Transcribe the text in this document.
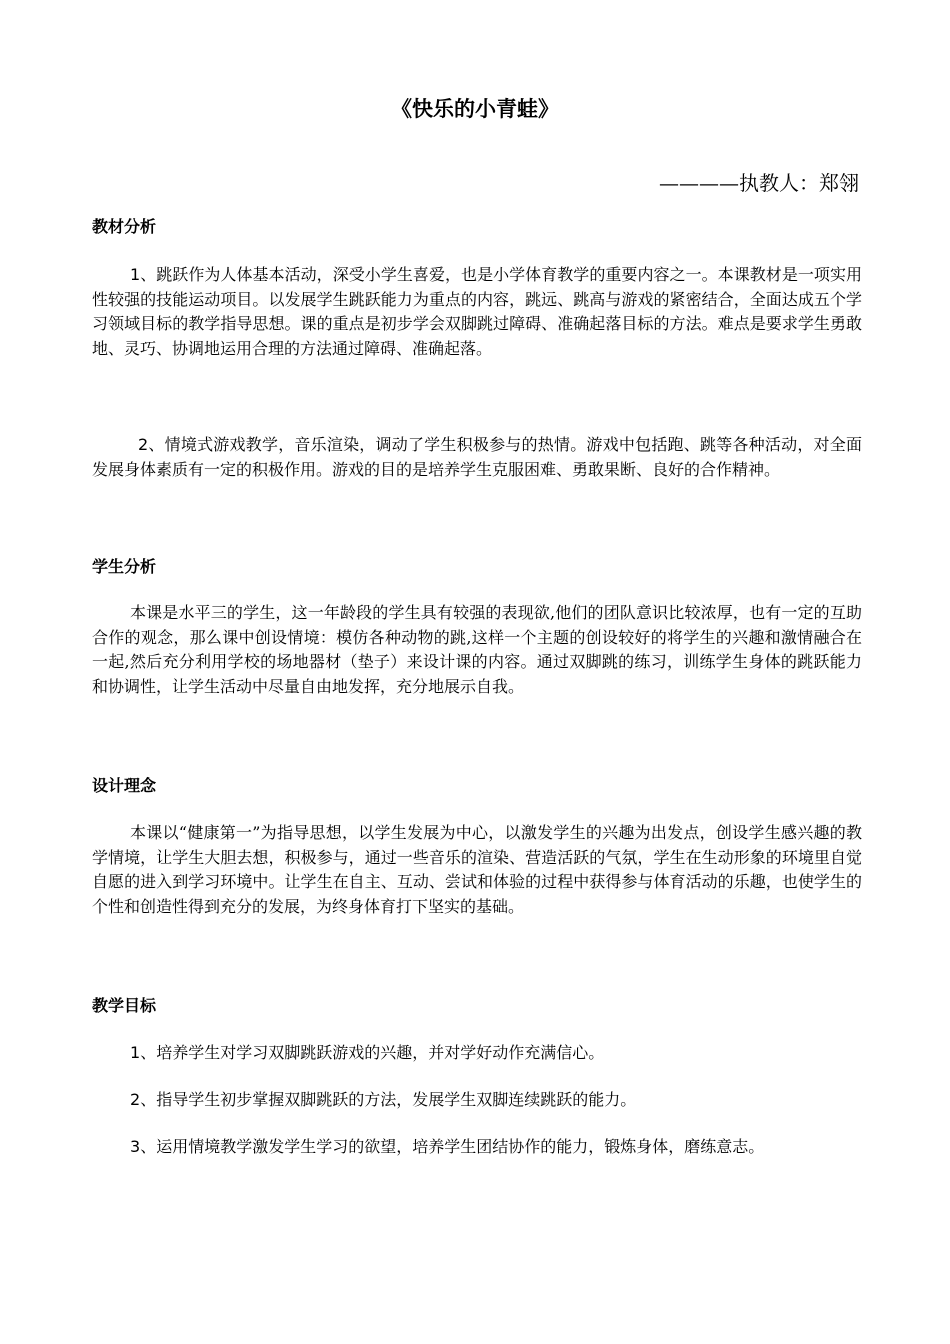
《快乐的小青蛙》
————执教人：郑翎
教材分析
1、跳跃作为人体基本活动，深受小学生喜爱，也是小学体育教学的重要内容之一。本课教材是一项实用性较强的技能运动项目。以发展学生跳跃能力为重点的内容，跳远、跳高与游戏的紧密结合，全面达成五个学习领域目标的教学指导思想。课的重点是初步学会双脚跳过障碍、准确起落目标的方法。难点是要求学生勇敢地、灵巧、协调地运用合理的方法通过障碍、准确起落。
2、情境式游戏教学，音乐渲染，调动了学生积极参与的热情。游戏中包括跑、跳等各种活动，对全面发展身体素质有一定的积极作用。游戏的目的是培养学生克服困难、勇敢果断、良好的合作精神。
学生分析
本课是水平三的学生，这一年龄段的学生具有较强的表现欲,他们的团队意识比较浓厚，也有一定的互助合作的观念，那么课中创设情境：模仿各种动物的跳,这样一个主题的创设较好的将学生的兴趣和激情融合在一起,然后充分利用学校的场地器材（垫子）来设计课的内容。通过双脚跳的练习，训练学生身体的跳跃能力和协调性，让学生活动中尽量自由地发挥，充分地展示自我。
设计理念
本课以“健康第一”为指导思想，以学生发展为中心，以激发学生的兴趣为出发点，创设学生感兴趣的教学情境，让学生大胆去想，积极参与，通过一些音乐的渲染、营造活跃的气氛，学生在生动形象的环境里自觉自愿的进入到学习环境中。让学生在自主、互动、尝试和体验的过程中获得参与体育活动的乐趣，也使学生的个性和创造性得到充分的发展，为终身体育打下坚实的基础。
教学目标
1、培养学生对学习双脚跳跃游戏的兴趣，并对学好动作充满信心。
2、指导学生初步掌握双脚跳跃的方法，发展学生双脚连续跳跃的能力。
3、运用情境教学激发学生学习的欲望，培养学生团结协作的能力，锻炼身体，磨练意志。
